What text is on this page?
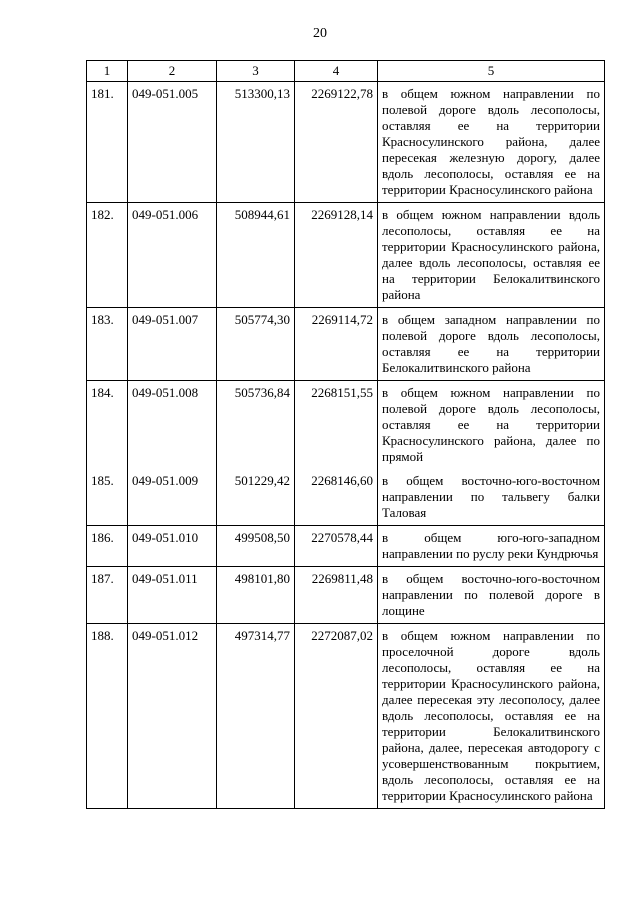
20
1	2	3	4	5
181.	049-051.005	513300,13	2269122,78	в общем южном направлении по полевой дороге вдоль лесополосы, оставляя ее на территории Красносулинского района, далее пересекая железную дорогу, далее вдоль лесополосы, оставляя ее на территории Красносулинского района
182.	049-051.006	508944,61	2269128,14	в общем южном направлении вдоль лесополосы, оставляя ее на территории Красносулинского района, далее вдоль лесополосы, оставляя ее на территории Белокалитвинского района
183.	049-051.007	505774,30	2269114,72	в общем западном направлении по полевой дороге вдоль лесополосы, оставляя ее на территории Белокалитвинского района
184.	049-051.008	505736,84	2268151,55	в общем южном направлении по полевой дороге вдоль лесополосы, оставляя ее на территории Красносулинского района, далее по прямой
185.	049-051.009	501229,42	2268146,60	в общем восточно-юго-восточном направлении по тальвегу балки Таловая
186.	049-051.010	499508,50	2270578,44	в общем юго-юго-западном направлении по руслу реки Кундрючья
187.	049-051.011	498101,80	2269811,48	в общем восточно-юго-восточном направлении по полевой дороге в лощине
188.	049-051.012	497314,77	2272087,02	в общем южном направлении по проселочной дороге вдоль лесополосы, оставляя ее на территории Красносулинского района, далее пересекая эту лесополосу, далее вдоль лесополосы, оставляя ее на территории Белокалитвинского района, далее, пересекая автодорогу с усовершенствованным покрытием, вдоль лесополосы, оставляя ее на территории Красносулинского района
